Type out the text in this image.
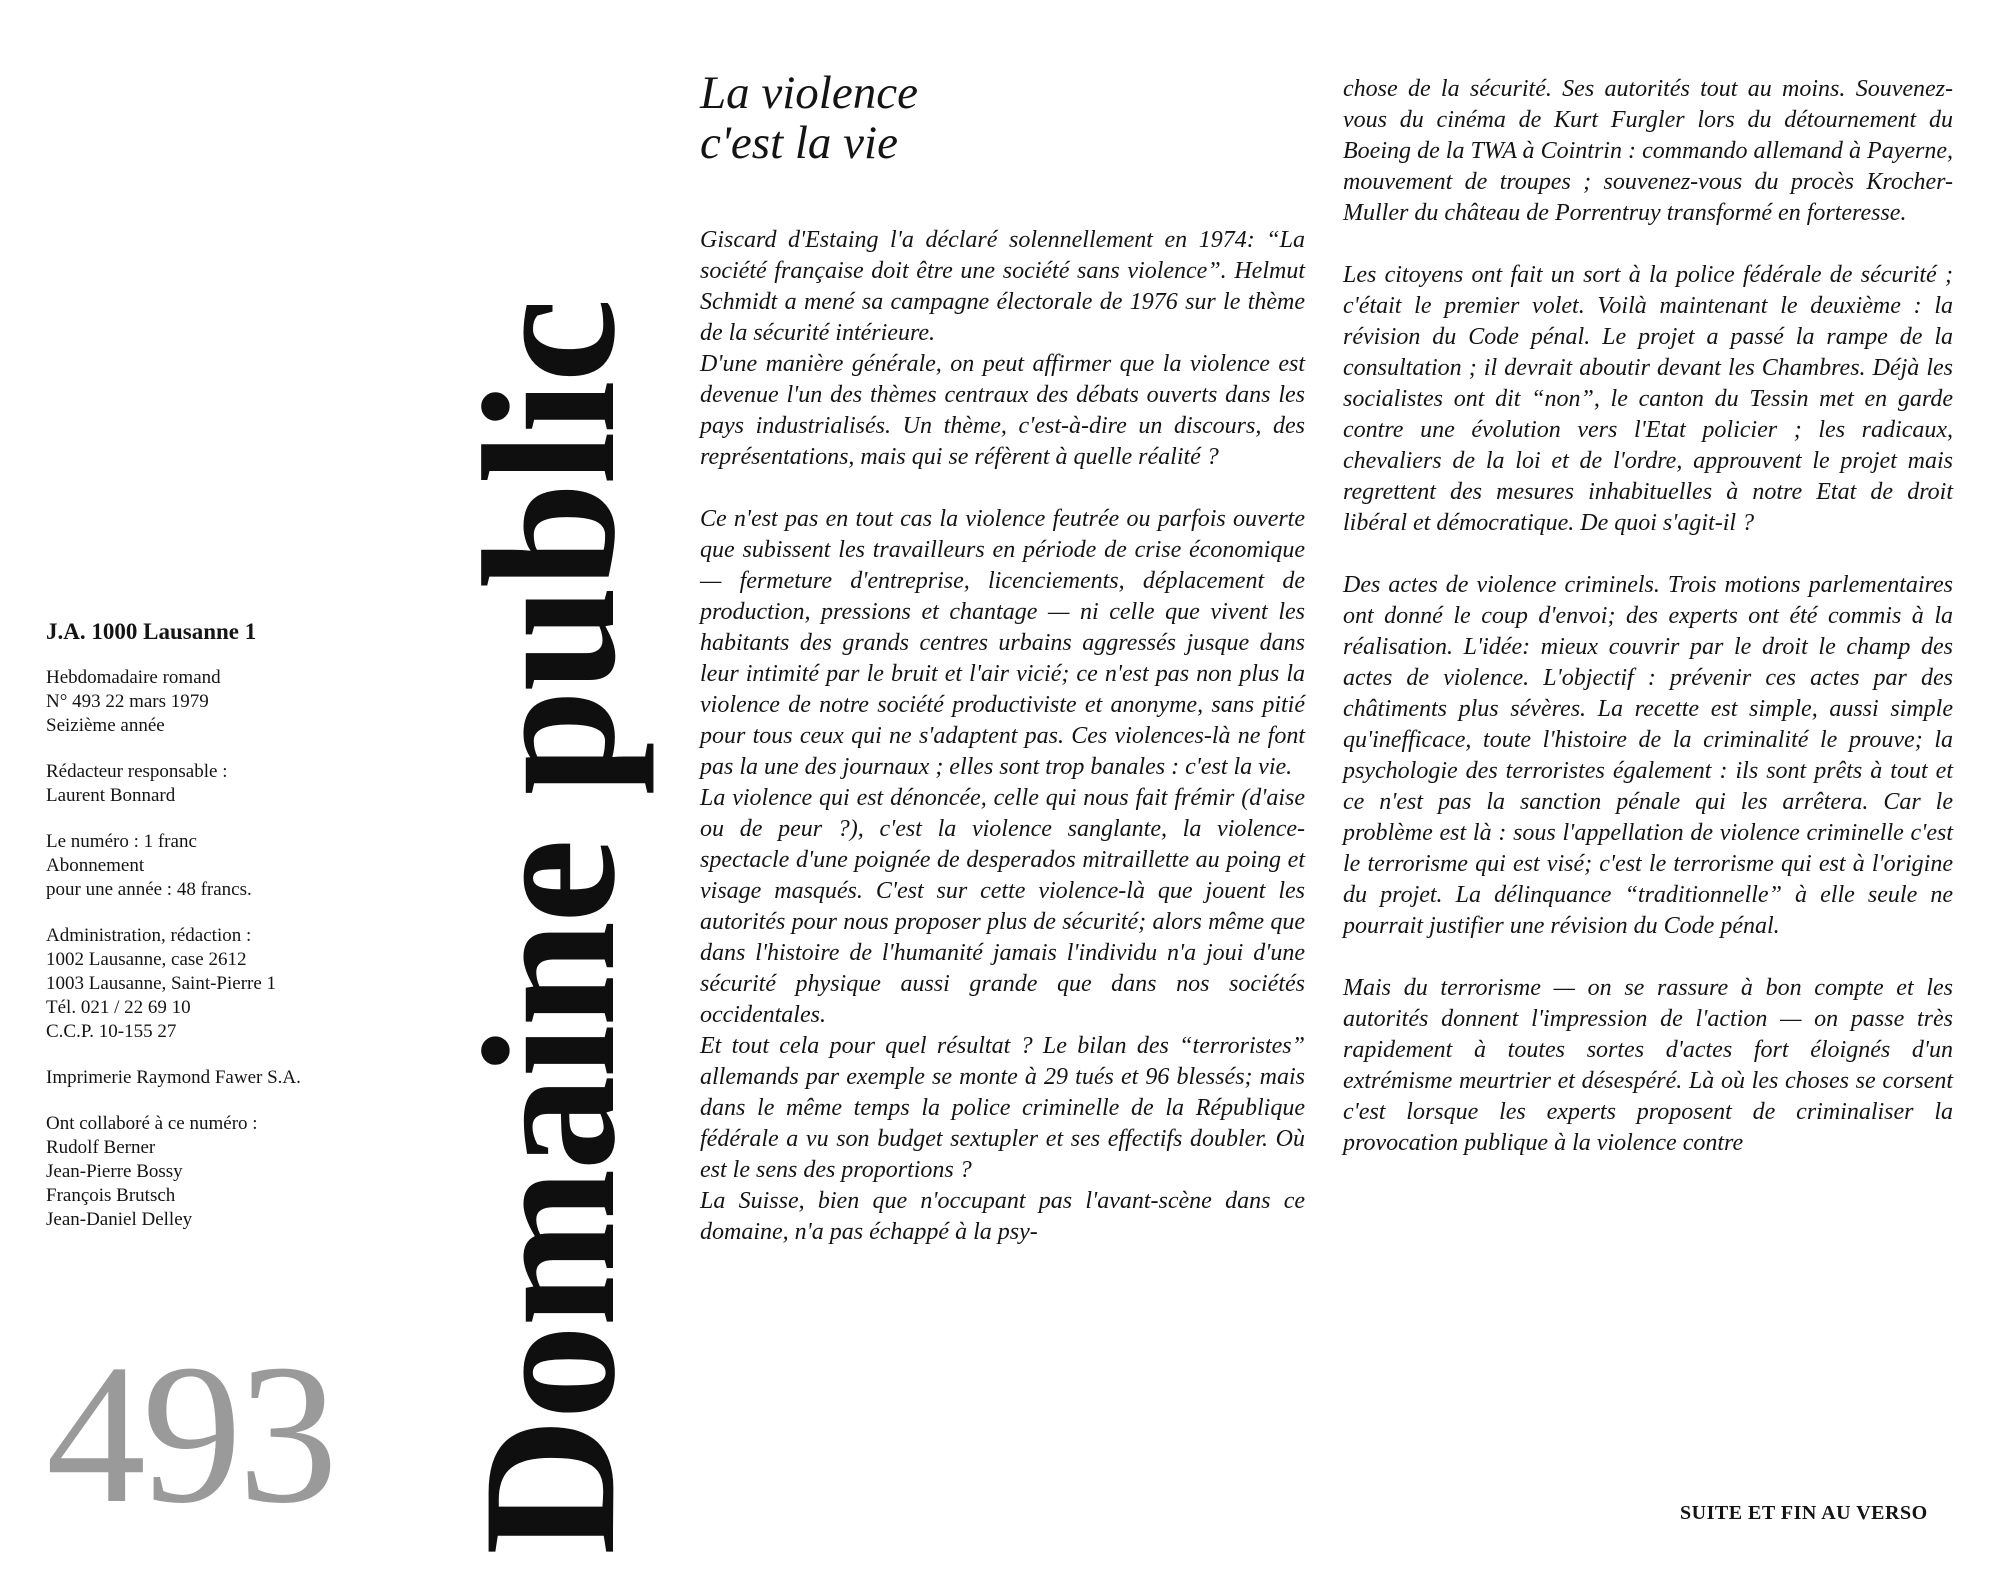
J.A. 1000 Lausanne 1

Hebdomadaire romand
N° 493 22 mars 1979
Seizième année

Rédacteur responsable :
Laurent Bonnard

Le numéro : 1 franc
Abonnement
pour une année : 48 francs.

Administration, rédaction :
1002 Lausanne, case 2612
1003 Lausanne, Saint-Pierre 1
Tél. 021 / 22 69 10
C.C.P. 10-155 27

Imprimerie Raymond Fawer S.A.

Ont collaboré à ce numéro :
Rudolf Berner
Jean-Pierre Bossy
François Brutsch
Jean-Daniel Delley

493 Domaine public
La violence
c'est la vie

Giscard d'Estaing l'a déclaré solennellement en 1974: “La société française doit être une société sans violence”. Helmut Schmidt a mené sa campagne électorale de 1976 sur le thème de la sécurité intérieure.

D'une manière générale, on peut affirmer que la violence est devenue l'un des thèmes centraux des débats ouverts dans les pays industrialisés. Un thème, c'est-à-dire un discours, des représentations, mais qui se réfèrent à quelle réalité ?

Ce n'est pas en tout cas la violence feutrée ou parfois ouverte que subissent les travailleurs en période de crise économique — fermeture d'entreprise, licenciements, déplacement de production, pressions et chantage — ni celle que vivent les habitants des grands centres urbains aggressés jusque dans leur intimité par le bruit et l'air vicié; ce n'est pas non plus la violence de notre société productiviste et anonyme, sans pitié pour tous ceux qui ne s'adaptent pas. Ces violences-là ne font pas la une des journaux ; elles sont trop banales : c'est la vie.

La violence qui est dénoncée, celle qui nous fait frémir (d'aise ou de peur ?), c'est la violence sanglante, la violence-spectacle d'une poignée de desperados mitraillette au poing et visage masqués. C'est sur cette violence-là que jouent les autorités pour nous proposer plus de sécurité; alors même que dans l'histoire de l'humanité jamais l'individu n'a joui d'une sécurité physique aussi grande que dans nos sociétés occidentales.

Et tout cela pour quel résultat ? Le bilan des “terroristes” allemands par exemple se monte à 29 tués et 96 blessés; mais dans le même temps la police criminelle de la République fédérale a vu son budget sextupler et ses effectifs doubler. Où est le sens des proportions ?

La Suisse, bien que n'occupant pas l'avant-scène dans ce domaine, n'a pas échappé à la psy-

chose de la sécurité. Ses autorités tout au moins. Souvenez-vous du cinéma de Kurt Furgler lors du détournement du Boeing de la TWA à Cointrin : commando allemand à Payerne, mouvement de troupes ; souvenez-vous du procès Krocher-Muller du château de Porrentruy transformé en forteresse.

Les citoyens ont fait un sort à la police fédérale de sécurité ; c'était le premier volet. Voilà maintenant le deuxième : la révision du Code pénal. Le projet a passé la rampe de la consultation ; il devrait aboutir devant les Chambres. Déjà les socialistes ont dit “non”, le canton du Tessin met en garde contre une évolution vers l'Etat policier ; les radicaux, chevaliers de la loi et de l'ordre, approuvent le projet mais regrettent des mesures inhabituelles à notre Etat de droit libéral et démocratique. De quoi s'agit-il ?

Des actes de violence criminels. Trois motions parlementaires ont donné le coup d'envoi; des experts ont été commis à la réalisation. L'idée: mieux couvrir par le droit le champ des actes de violence. L'objectif : prévenir ces actes par des châtiments plus sévères. La recette est simple, aussi simple qu'inefficace, toute l'histoire de la criminalité le prouve; la psychologie des terroristes également : ils sont prêts à tout et ce n'est pas la sanction pénale qui les arrêtera. Car le problème est là : sous l'appellation de violence criminelle c'est le terrorisme qui est visé; c'est le terrorisme qui est à l'origine du projet. La délinquance “traditionnelle” à elle seule ne pourrait justifier une révision du Code pénal.

Mais du terrorisme — on se rassure à bon compte et les autorités donnent l'impression de l'action — on passe très rapidement à toutes sortes d'actes fort éloignés d'un extrémisme meurtrier et désespéré. Là où les choses se corsent c'est lorsque les experts proposent de criminaliser la provocation publique à la violence contre

SUITE ET FIN AU VERSO
